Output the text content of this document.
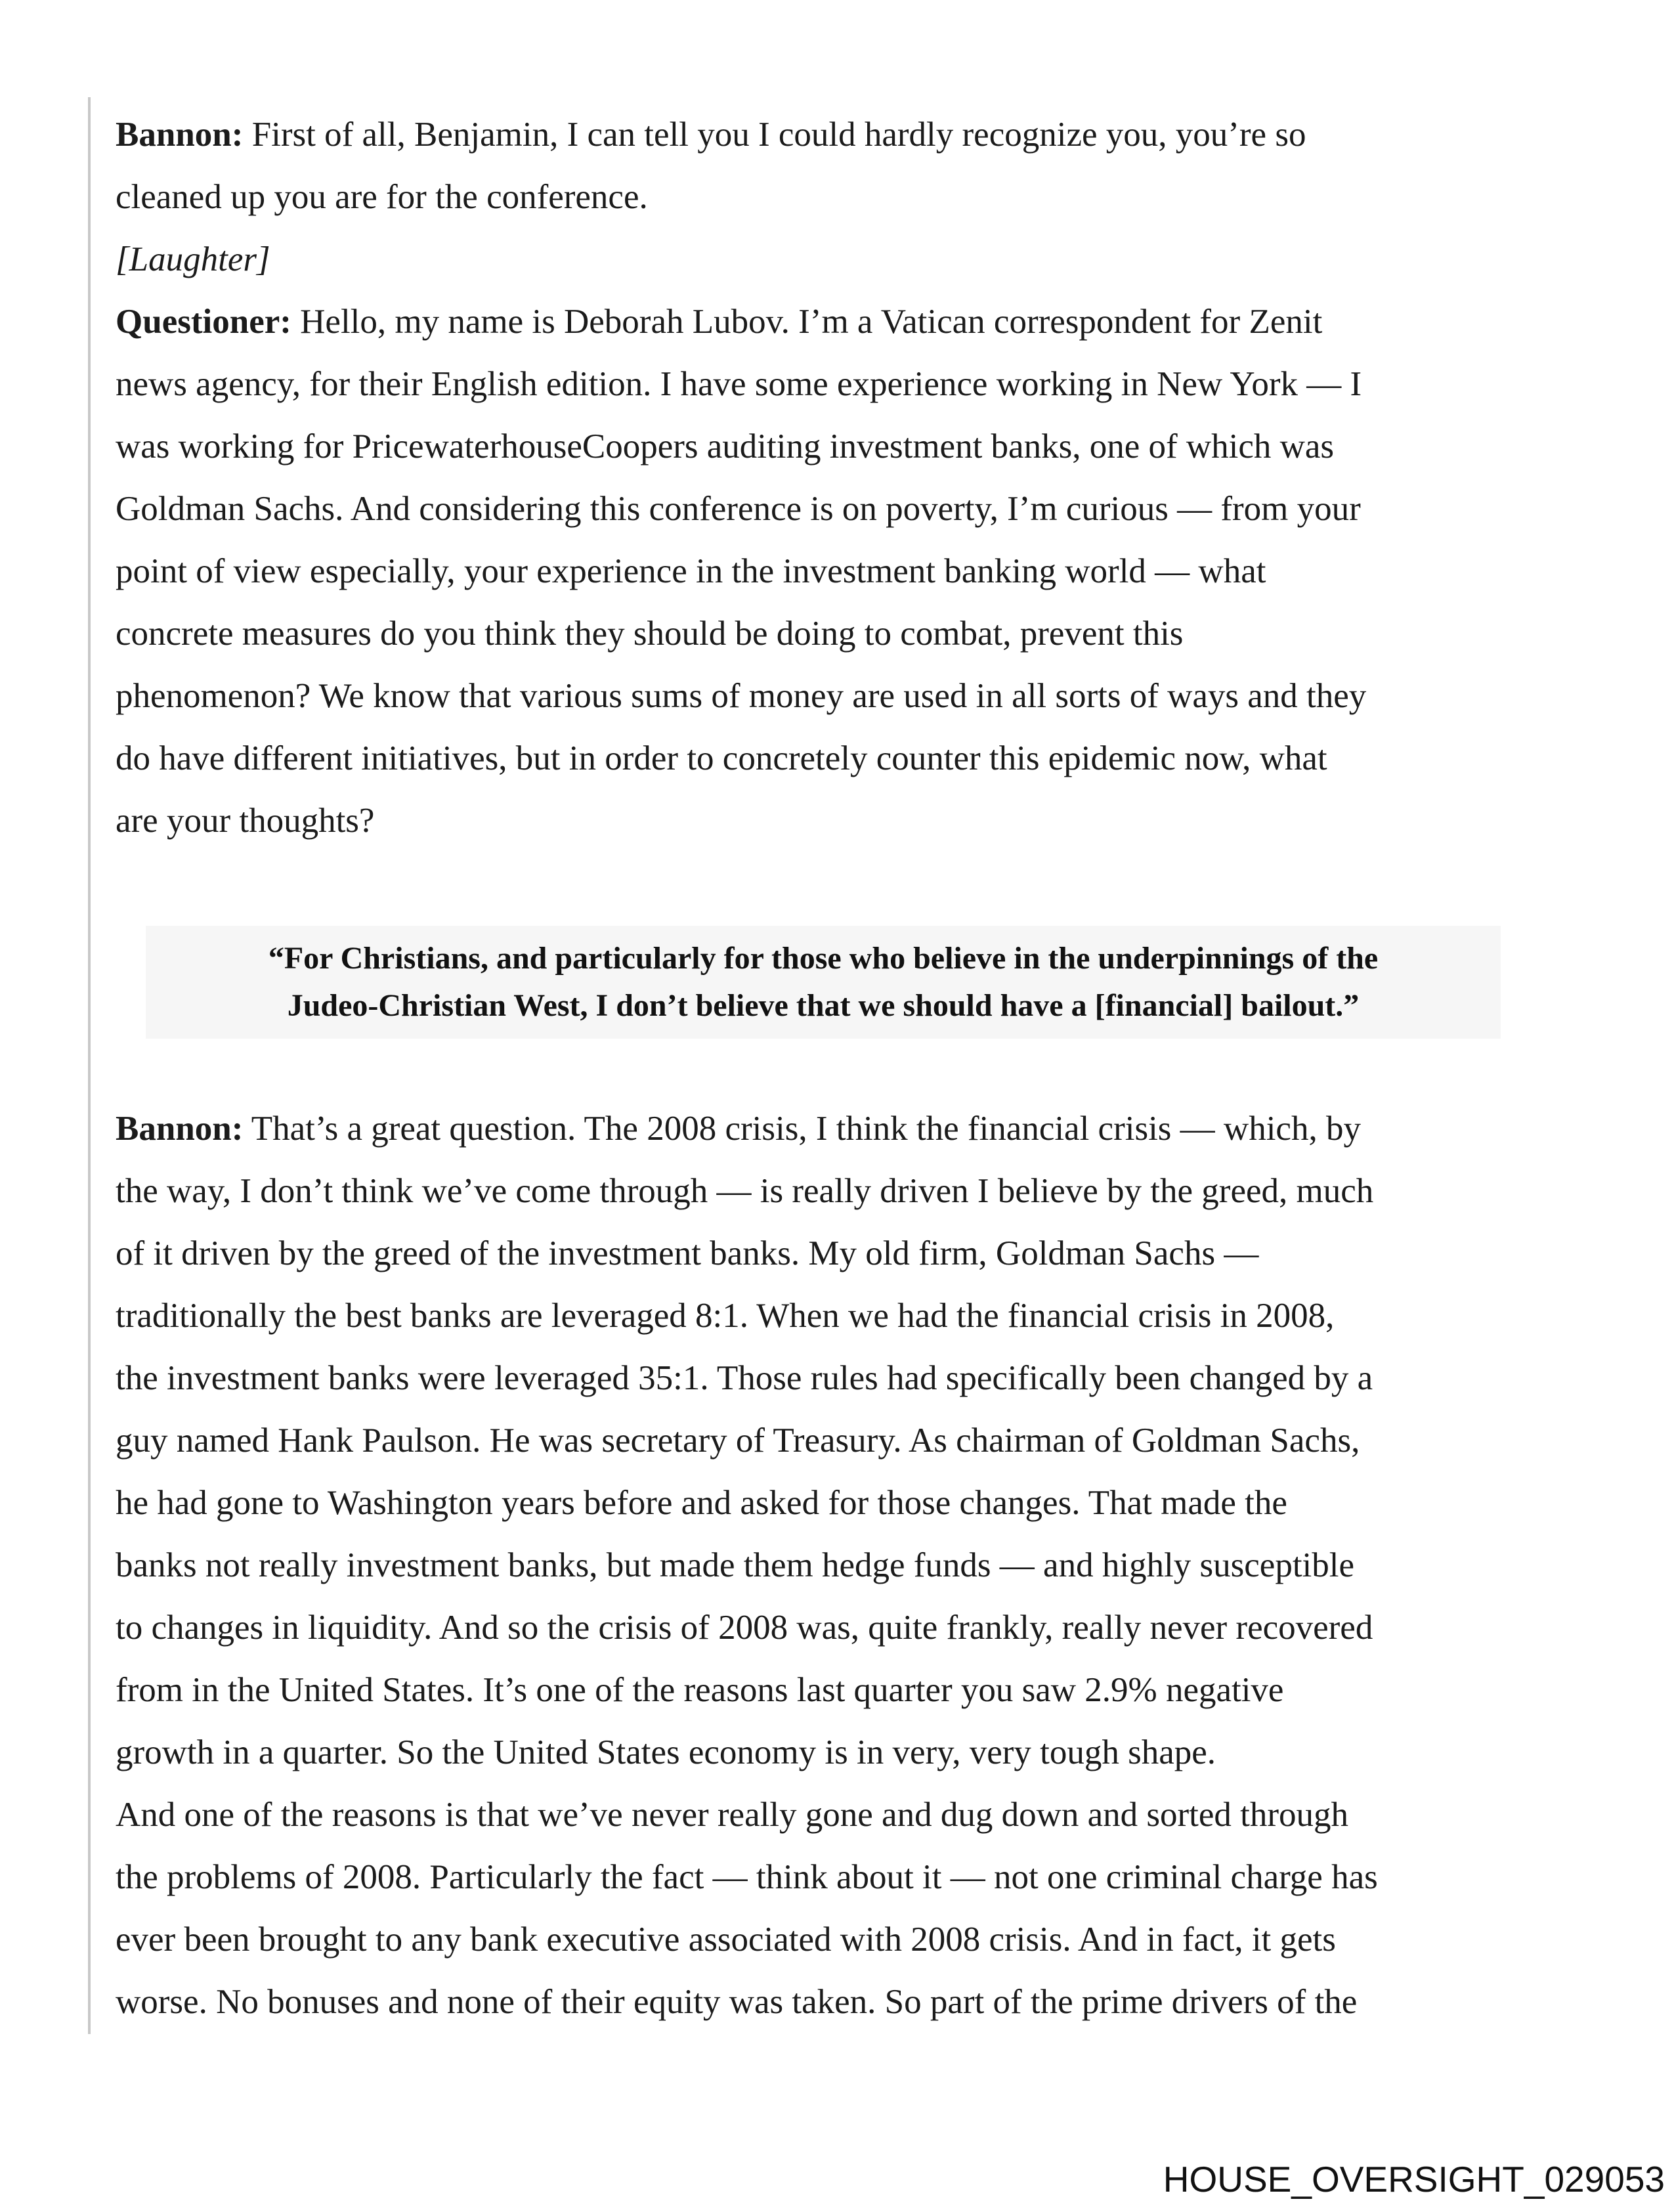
Bannon: First of all, Benjamin, I can tell you I could hardly recognize you, you’re so

cleaned up you are for the conference.

[Laughter]

Questioner: Hello, my name is Deborah Lubov. I’m a Vatican correspondent for Zenit

news agency, for their English edition. I have some experience working in New York — I

was working for PricewaterhouseCoopers auditing investment banks, one of which was

Goldman Sachs. And considering this conference is on poverty, I’m curious — from your

point of view especially, your experience in the investment banking world — what

concrete measures do you think they should be doing to combat, prevent this

phenomenon? We know that various sums of money are used in all sorts of ways and they

do have different initiatives, but in order to concretely counter this epidemic now, what

are your thoughts?

“For Christians, and particularly for those who believe in the underpinnings of the

Judeo-Christian West, I don’t believe that we should have a [financial] bailout.”

Bannon: That’s a great question. The 2008 crisis, I think the financial crisis — which, by

the way, I don’t think we’ve come through — is really driven I believe by the greed, much

of it driven by the greed of the investment banks. My old firm, Goldman Sachs —

traditionally the best banks are leveraged 8:1. When we had the financial crisis in 2008,

the investment banks were leveraged 35:1. Those rules had specifically been changed by a

guy named Hank Paulson. He was secretary of Treasury. As chairman of Goldman Sachs,

he had gone to Washington years before and asked for those changes. That made the

banks not really investment banks, but made them hedge funds — and highly susceptible

to changes in liquidity. And so the crisis of 2008 was, quite frankly, really never recovered

from in the United States. It’s one of the reasons last quarter you saw 2.9% negative

growth in a quarter. So the United States economy is in very, very tough shape.

And one of the reasons is that we’ve never really gone and dug down and sorted through

the problems of 2008. Particularly the fact — think about it — not one criminal charge has

ever been brought to any bank executive associated with 2008 crisis. And in fact, it gets

worse. No bonuses and none of their equity was taken. So part of the prime drivers of the

HOUSE_OVERSIGHT_029053
